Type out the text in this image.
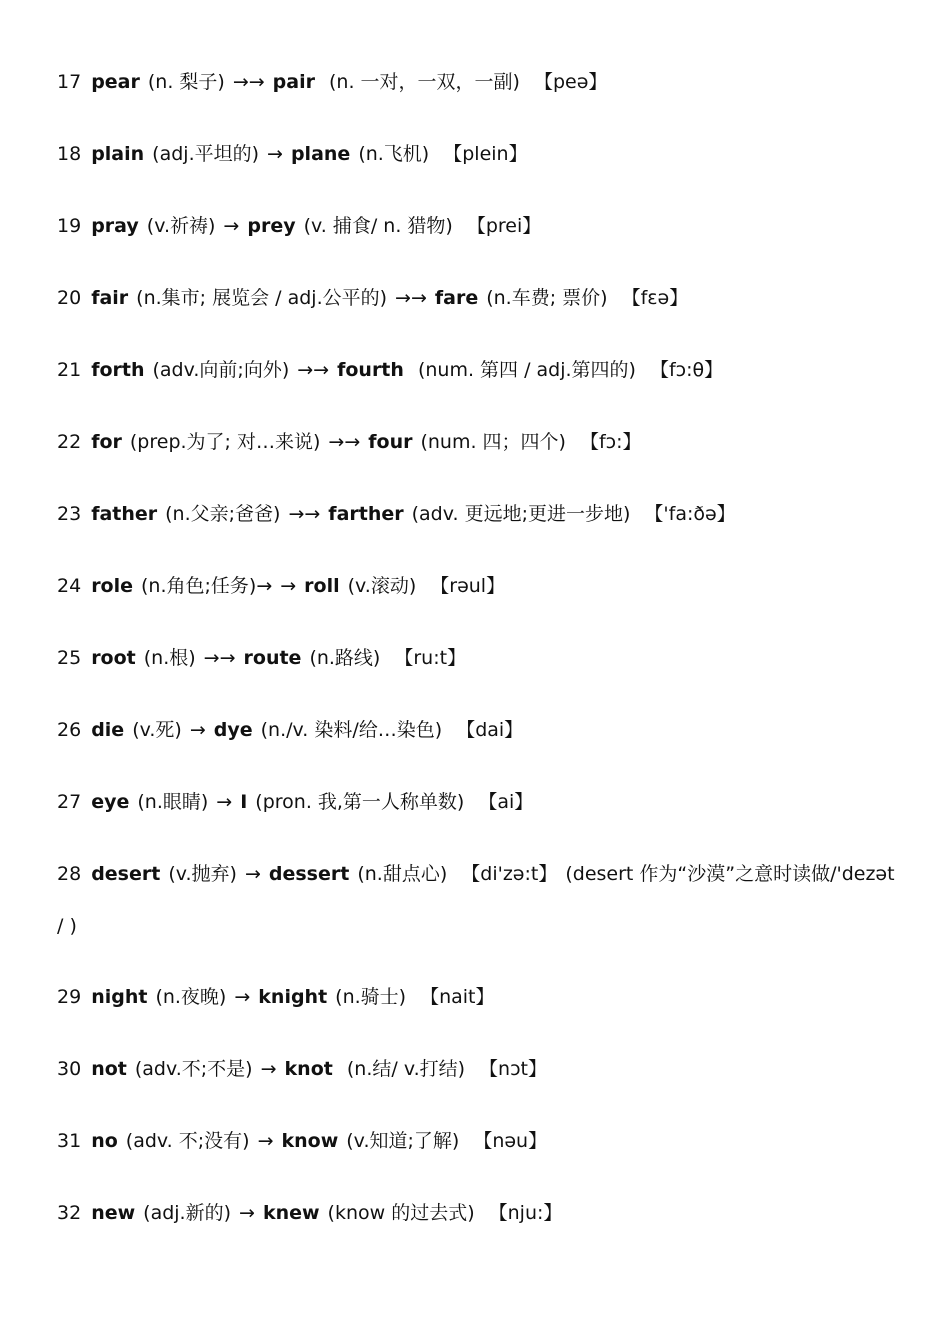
17 pear (n. 梨子) →→ pair (n. 一对，一双，一副) 【peə】
18 plain (adj.平坦的) → plane (n.飞机) 【plein】
19 pray (v.祈祷) → prey (v. 捕食/ n. 猎物) 【prei】
20 fair (n.集市; 展览会 / adj.公平的) →→ fare (n.车费; 票价) 【fɛə】
21 forth (adv.向前;向外) →→ fourth (num. 第四 / adj.第四的) 【fɔ:θ】
22 for (prep.为了; 对…来说) →→ four (num. 四；四个) 【fɔ:】
23 father (n.父亲;爸爸) →→ farther (adv. 更远地;更进一步地) 【'fa:ðə】
24 role (n.角色;任务)→ → roll (v.滚动) 【rəul】
25 root (n.根) →→ route (n.路线) 【ru:t】
26 die (v.死) → dye (n./v. 染料/给…染色) 【dai】
27 eye (n.眼睛) → I (pron. 我,第一人称单数) 【ai】
28 desert (v.抛弃) → dessert (n.甜点心) 【di'zə:t】 (desert 作为“沙漠”之意时读做/'dezət / )
29 night (n.夜晚) → knight (n.骑士) 【nait】
30 not (adv.不;不是) → knot (n.结/ v.打结) 【nɔt】
31 no (adv. 不;没有) → know (v.知道;了解) 【nəu】
32 new (adj.新的) → knew (know 的过去式) 【nju:】
